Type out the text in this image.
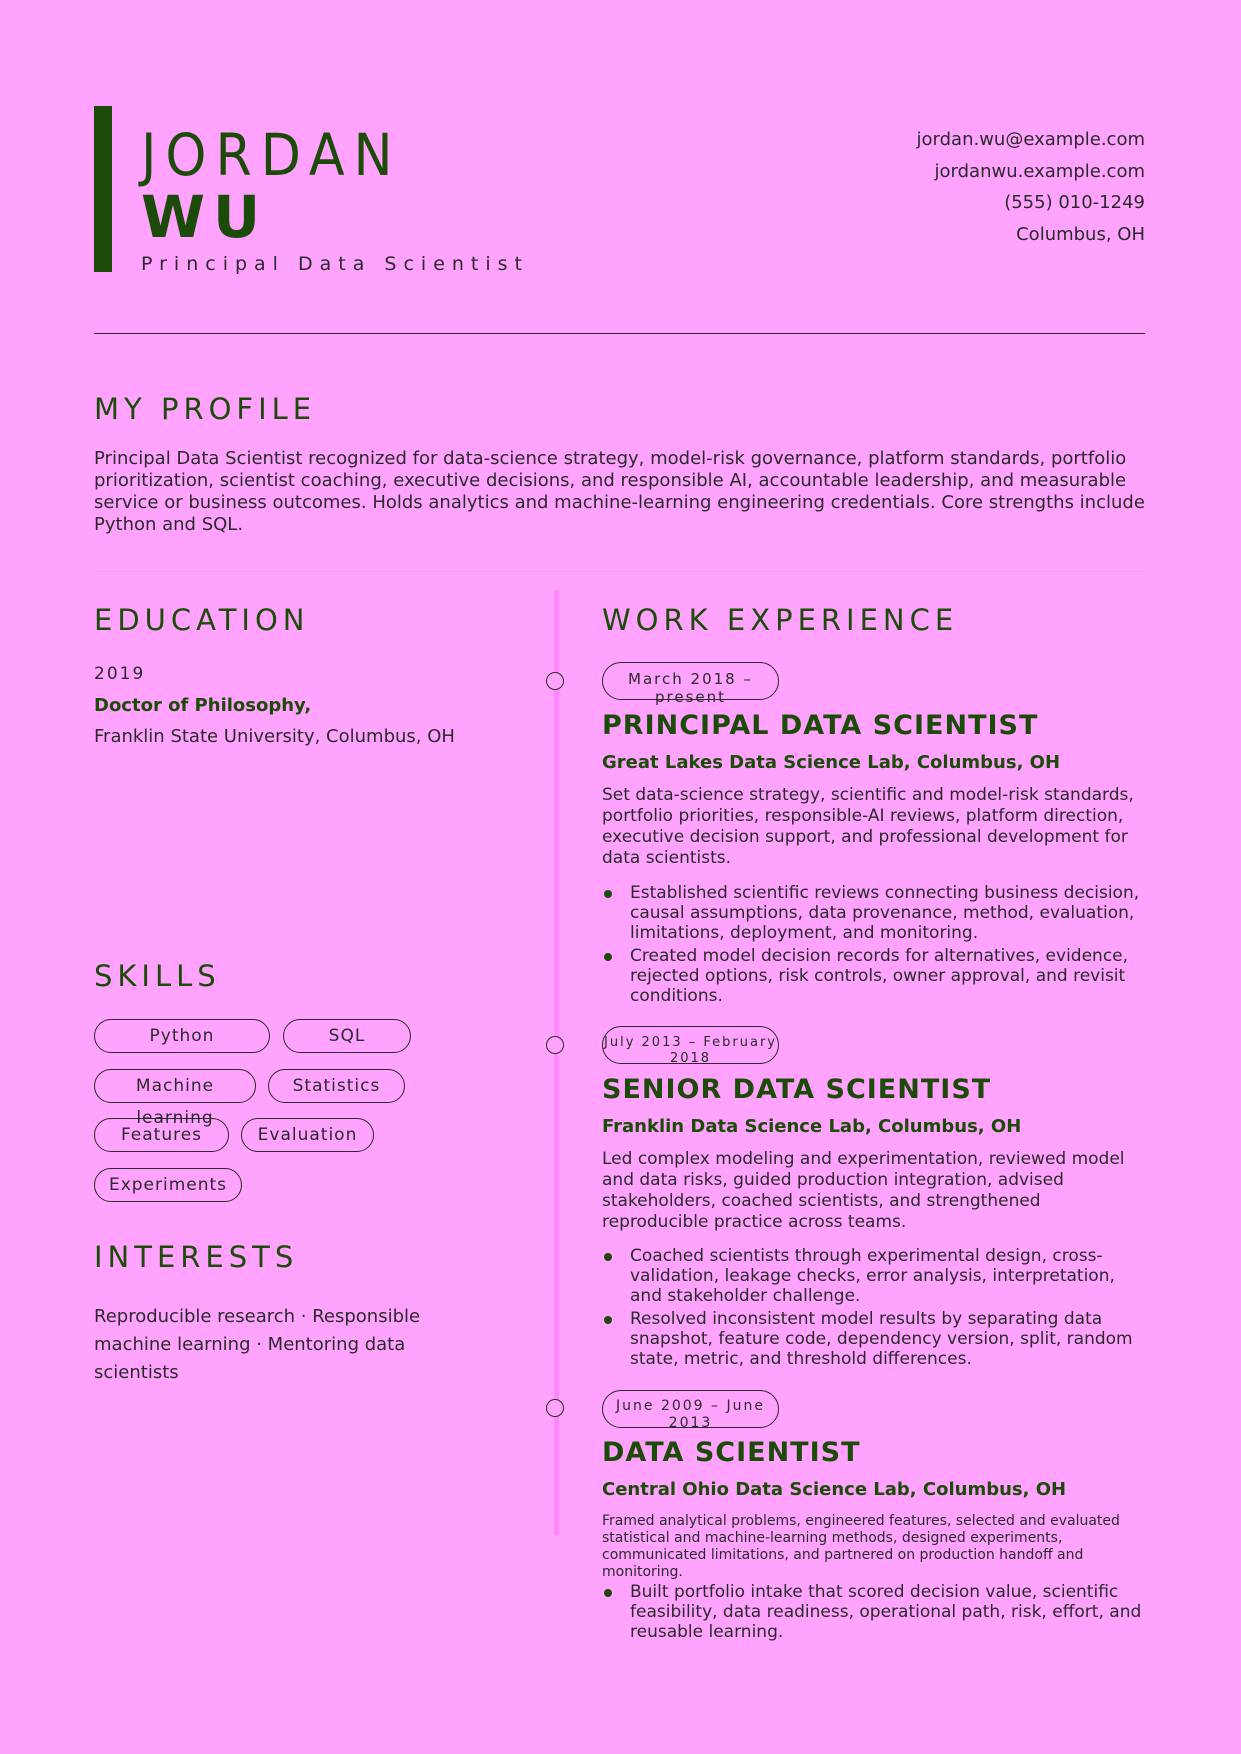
JORDAN
WU
Principal Data Scientist
jordan.wu@example.com
jordanwu.example.com
(555) 010-1249
Columbus, OH
MY PROFILE

Principal Data Scientist recognized for data-science strategy, model-risk governance, platform standards, portfolio prioritization, scientist coaching, executive decisions, and responsible AI, accountable leadership, and measurable service or business outcomes. Holds analytics and machine-learning engineering credentials. Core strengths include Python and SQL.

EDUCATION
2019
Doctor of Philosophy,
Franklin State University, Columbus, OH
SKILLS
Python	SQL
Machine learning
Statistics
Features	Evaluation
Experiments
INTERESTS

Reproducible research · Responsible machine learning · Mentoring data scientists

WORK EXPERIENCE
March 2018 – present
PRINCIPAL DATA SCIENTIST
Great Lakes Data Science Lab, Columbus, OH

Set data-science strategy, scientific and model-risk standards, portfolio priorities, responsible-AI reviews, platform direction, executive decision support, and professional development for data scientists.

Established scientific reviews connecting business decision, causal assumptions, data provenance, method, evaluation, limitations, deployment, and monitoring.
Created model decision records for alternatives, evidence, rejected options, risk controls, owner approval, and revisit conditions.
July 2013 – February 2018
SENIOR DATA SCIENTIST
Franklin Data Science Lab, Columbus, OH

Led complex modeling and experimentation, reviewed model and data risks, guided production integration, advised stakeholders, coached scientists, and strengthened reproducible practice across teams.

Coached scientists through experimental design, cross-validation, leakage checks, error analysis, interpretation, and stakeholder challenge.
Resolved inconsistent model results by separating data snapshot, feature code, dependency version, split, random state, metric, and threshold differences.
June 2009 – June 2013
DATA SCIENTIST
Central Ohio Data Science Lab, Columbus, OH

Framed analytical problems, engineered features, selected and evaluated statistical and machine-learning methods, designed experiments, communicated limitations, and partnered on production handoff and monitoring.

Built portfolio intake that scored decision value, scientific feasibility, data readiness, operational path, risk, effort, and reusable learning.
